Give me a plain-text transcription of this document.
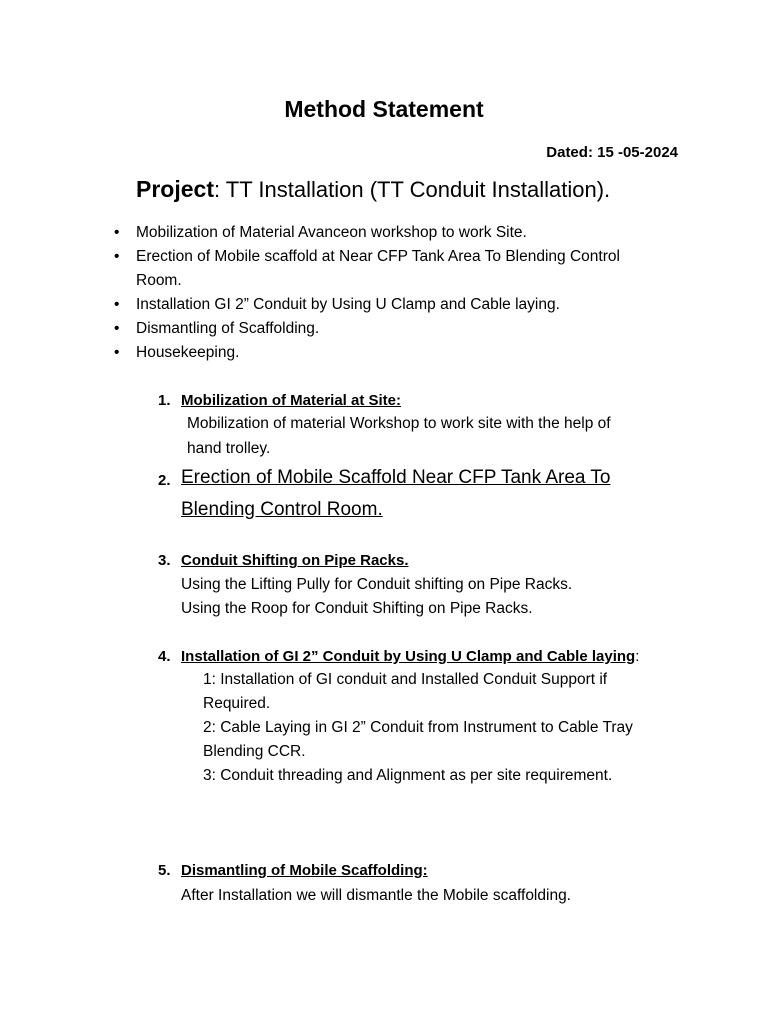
Method Statement
Dated: 15 -05-2024
Project: TT Installation (TT Conduit Installation).
• Mobilization of Material Avanceon workshop to work Site.
• Erection of Mobile scaffold at Near CFP Tank Area To Blending Control
Room.
• Installation GI 2” Conduit by Using U Clamp and Cable laying.
• Dismantling of Scaffolding.
• Housekeeping.
1. Mobilization of Material at Site:
Mobilization of material Workshop to work site with the help of
hand trolley.
2. Erection of Mobile Scaffold Near CFP Tank Area To
Blending Control Room.
3. Conduit Shifting on Pipe Racks.
Using the Lifting Pully for Conduit shifting on Pipe Racks.
Using the Roop for Conduit Shifting on Pipe Racks.
4. Installation of GI 2” Conduit by Using U Clamp and Cable laying:
1: Installation of GI conduit and Installed Conduit Support if
Required.
2: Cable Laying in GI 2” Conduit from Instrument to Cable Tray
Blending CCR.
3: Conduit threading and Alignment as per site requirement.
5. Dismantling of Mobile Scaffolding:
After Installation we will dismantle the Mobile scaffolding.
